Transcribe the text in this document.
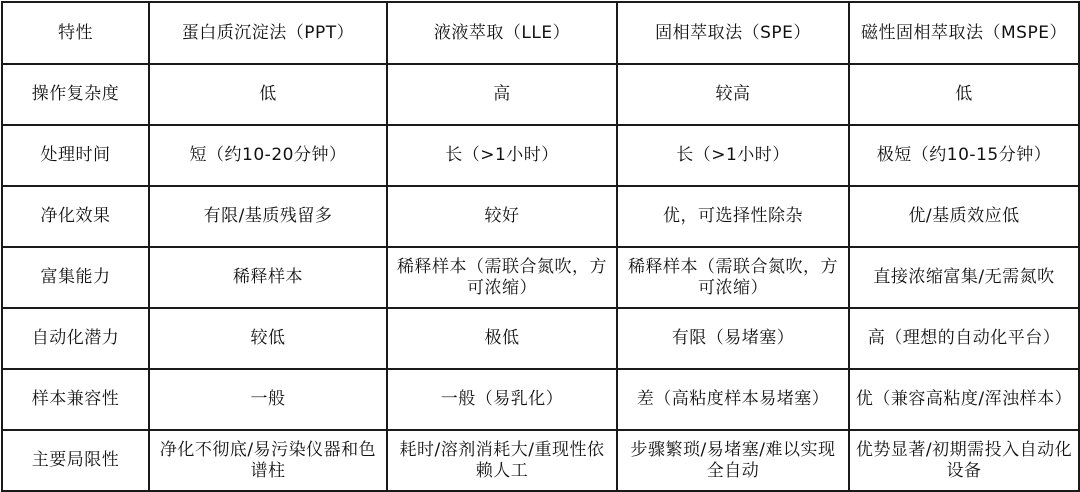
特性	蛋白质沉淀法（PPT）	液液萃取（LLE）	固相萃取法（SPE）	磁性固相萃取法（MSPE）
操作复杂度	低	高	较高	低
处理时间	短（约10-20分钟）	长（>1小时）	长（>1小时）	极短（约10-15分钟）
净化效果	有限/基质残留多	较好	优，可选择性除杂	优/基质效应低
富集能力	稀释样本	稀释样本（需联合氮吹，方可浓缩）	稀释样本（需联合氮吹，方可浓缩）	直接浓缩富集/无需氮吹
自动化潜力	较低	极低	有限（易堵塞）	高（理想的自动化平台）
样本兼容性	一般	一般（易乳化）	差（高粘度样本易堵塞）	优（兼容高粘度/浑浊样本）
主要局限性	净化不彻底/易污染仪器和色谱柱	耗时/溶剂消耗大/重现性依赖人工	步骤繁琐/易堵塞/难以实现全自动	优势显著/初期需投入自动化设备
